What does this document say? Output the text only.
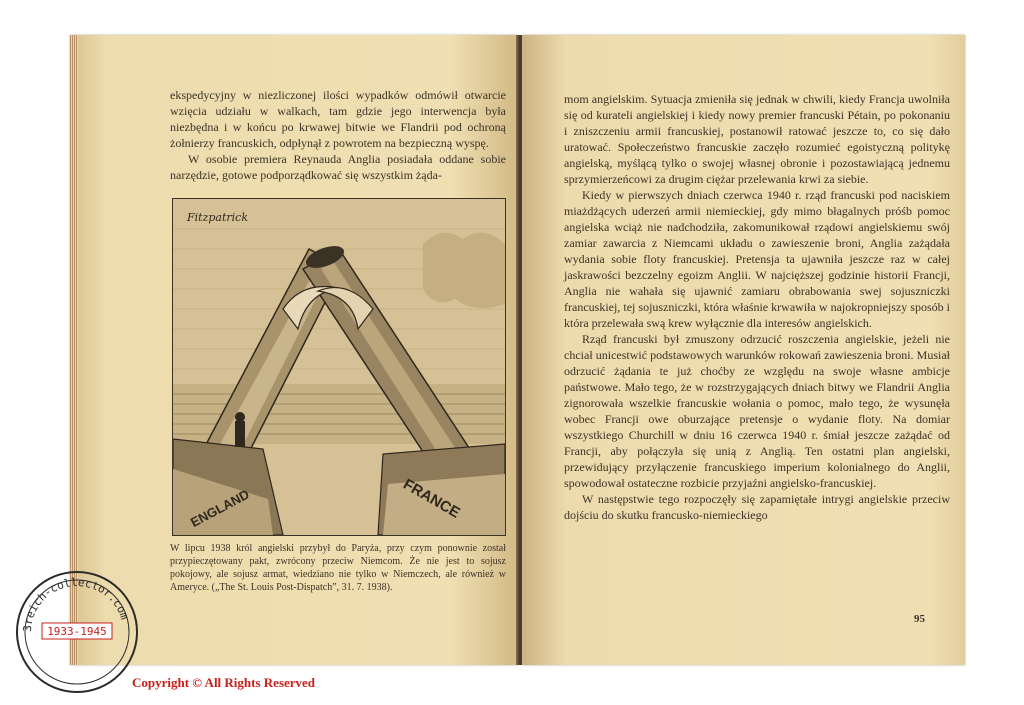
ekspedycyjny w niezliczonej ilości wypadków odmówił otwarcie wzięcia udziału w walkach, tam gdzie jego interwencja była niezbędna i w końcu po krwawej bitwie we Flandrii pod ochroną żołnierzy francuskich, odpłynął z powrotem na bezpieczną wyspę.

W osobie premiera Reynauda Anglia posiadała oddane sobie narzędzie, gotowe podporządkować się wszystkim żąda-

Fitzpatrick
ENGLAND	FRANCE
W lipcu 1938 król angielski przybył do Paryża, przy czym ponownie został przypieczętowany pakt, zwrócony przeciw Niemcom. Że nie jest to sojusz pokojowy, ale sojusz armat, wiedziano nie tylko w Niemczech, ale również w Ameryce. („The St. Louis Post-Dispatch”, 31. 7. 1938).

mom angielskim. Sytuacja zmieniła się jednak w chwili, kiedy Francja uwolniła się od kurateli angielskiej i kiedy nowy premier francuski Pétain, po pokonaniu i zniszczeniu armii francuskiej, postanowił ratować jeszcze to, co się dało uratować. Społeczeństwo francuskie zaczęło rozumieć egoistyczną politykę angielską, myślącą tylko o swojej własnej obronie i pozostawiającą jednemu sprzymierzeńcowi za drugim ciężar przelewania krwi za siebie.

Kiedy w pierwszych dniach czerwca 1940 r. rząd francuski pod naciskiem miażdżących uderzeń armii niemieckiej, gdy mimo błagalnych próśb pomoc angielska wciąż nie nadchodziła, zakomunikował rządowi angielskiemu swój zamiar zawarcia z Niemcami układu o zawieszenie broni, Anglia zażądała wydania sobie floty francuskiej. Pretensja ta ujawniła jeszcze raz w całej jaskrawości bezczelny egoizm Anglii. W najcięższej godzinie historii Francji, Anglia nie wahała się ujawnić zamiaru obrabowania swej sojuszniczki francuskiej, tej sojuszniczki, która właśnie krwawiła w najokropniejszy sposób i która przelewała swą krew wyłącznie dla interesów angielskich.

Rząd francuski był zmuszony odrzucić roszczenia angielskie, jeżeli nie chciał unicestwić podstawowych warunków rokowań zawieszenia broni. Musiał odrzucić żądania te już choćby ze względu na swoje własne ambicje państwowe. Mało tego, że w rozstrzygających dniach bitwy we Flandrii Anglia zignorowała wszelkie francuskie wołania o pomoc, mało tego, że wysunęła wobec Francji owe oburzające pretensje o wydanie floty. Na domiar wszystkiego Churchill w dniu 16 czerwca 1940 r. śmiał jeszcze zażądać od Francji, aby połączyła się unią z Anglią. Ten ostatni plan angielski, przewidujący przyłączenie francuskiego imperium kolonialnego do Anglii, spowodował ostateczne rozbicie przyjaźni angielsko-francuskiej.

W następstwie tego rozpoczęły się zapamiętałe intrygi angielskie przeciw dojściu do skutku francusko-niemieckiego

95
3reich-collector.com
1933-1945
Copyright © All Rights Reserved
